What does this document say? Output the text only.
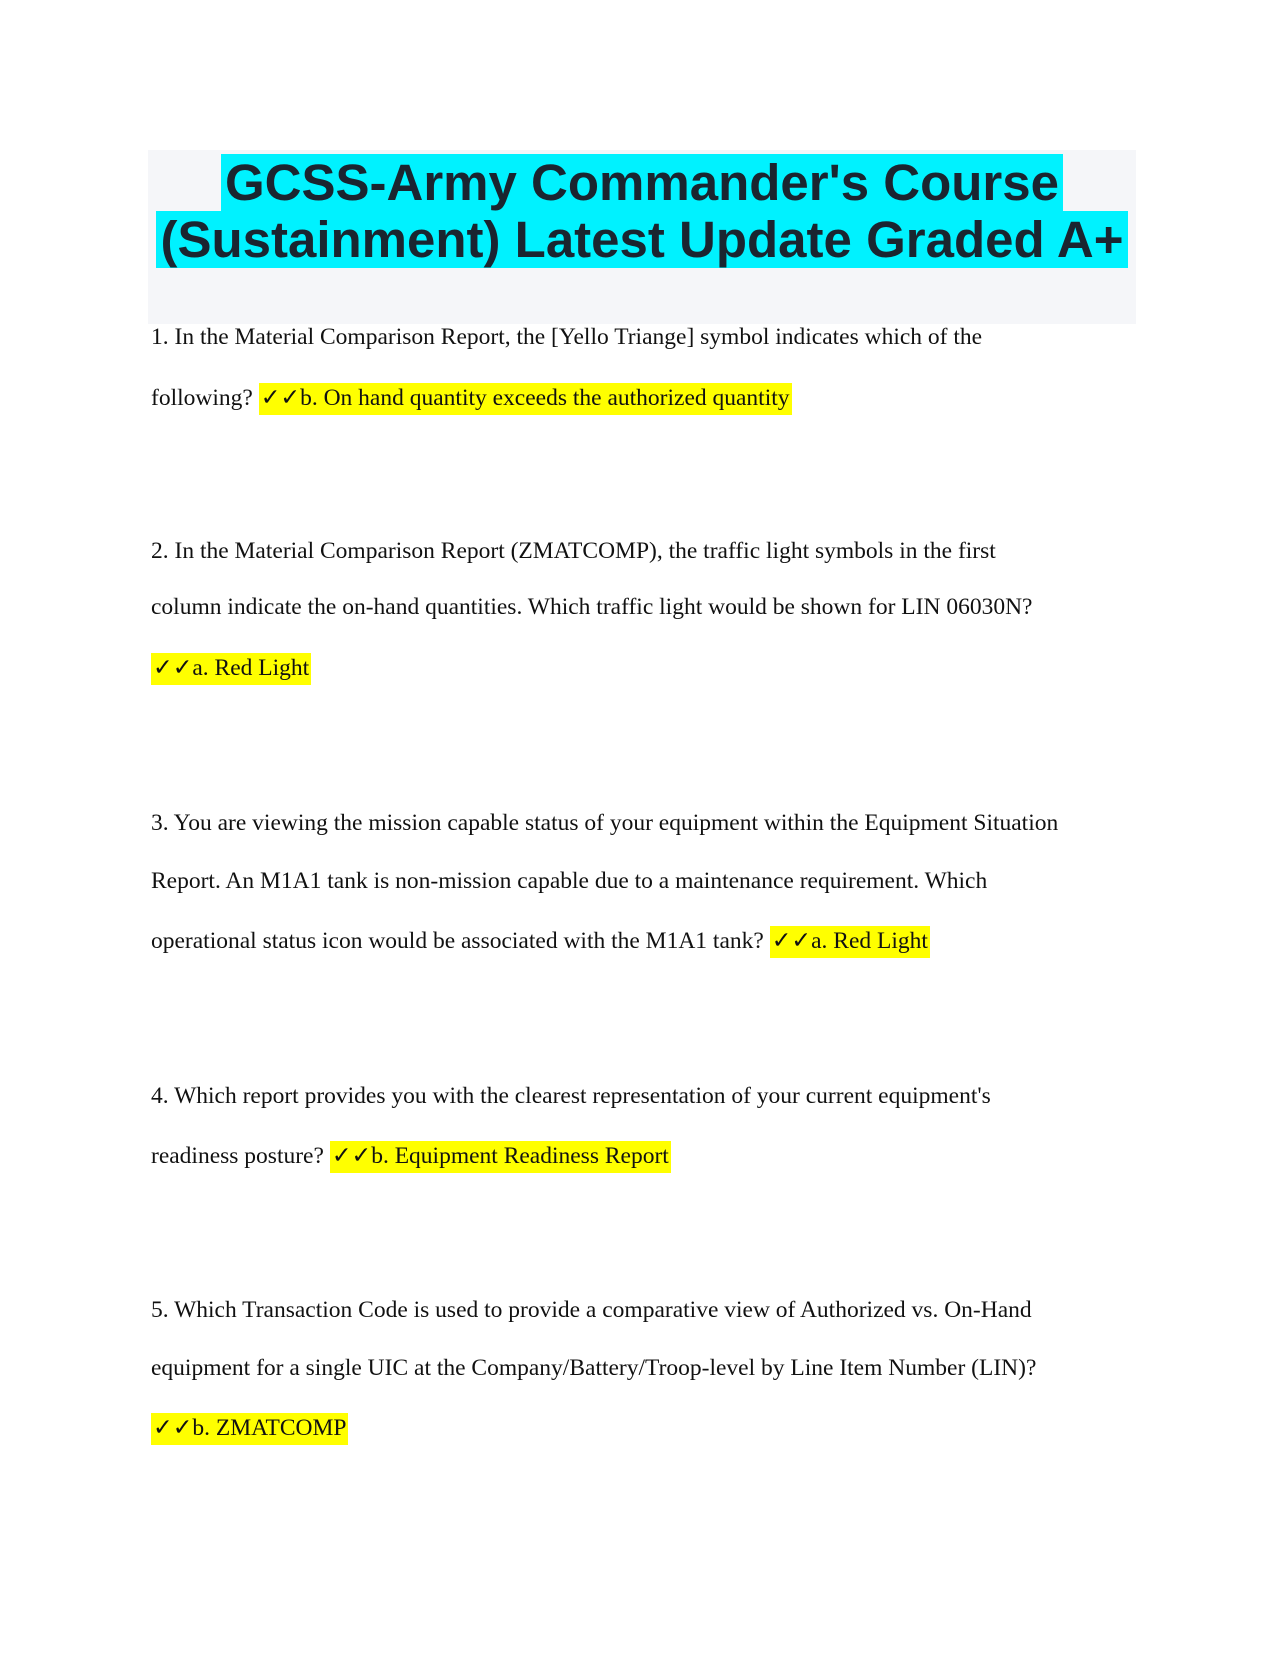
GCSS-Army Commander's Course
(Sustainment) Latest Update Graded A+
1. In the Material Comparison Report, the [Yello Triange] symbol indicates which of the
following? ✓✓b. On hand quantity exceeds the authorized quantity
2. In the Material Comparison Report (ZMATCOMP), the traffic light symbols in the first
column indicate the on-hand quantities. Which traffic light would be shown for LIN 06030N?
✓✓a. Red Light
3. You are viewing the mission capable status of your equipment within the Equipment Situation
Report. An M1A1 tank is non-mission capable due to a maintenance requirement. Which
operational status icon would be associated with the M1A1 tank? ✓✓a. Red Light
4. Which report provides you with the clearest representation of your current equipment's
readiness posture? ✓✓b. Equipment Readiness Report
5. Which Transaction Code is used to provide a comparative view of Authorized vs. On-Hand
equipment for a single UIC at the Company/Battery/Troop-level by Line Item Number (LIN)?
✓✓b. ZMATCOMP
